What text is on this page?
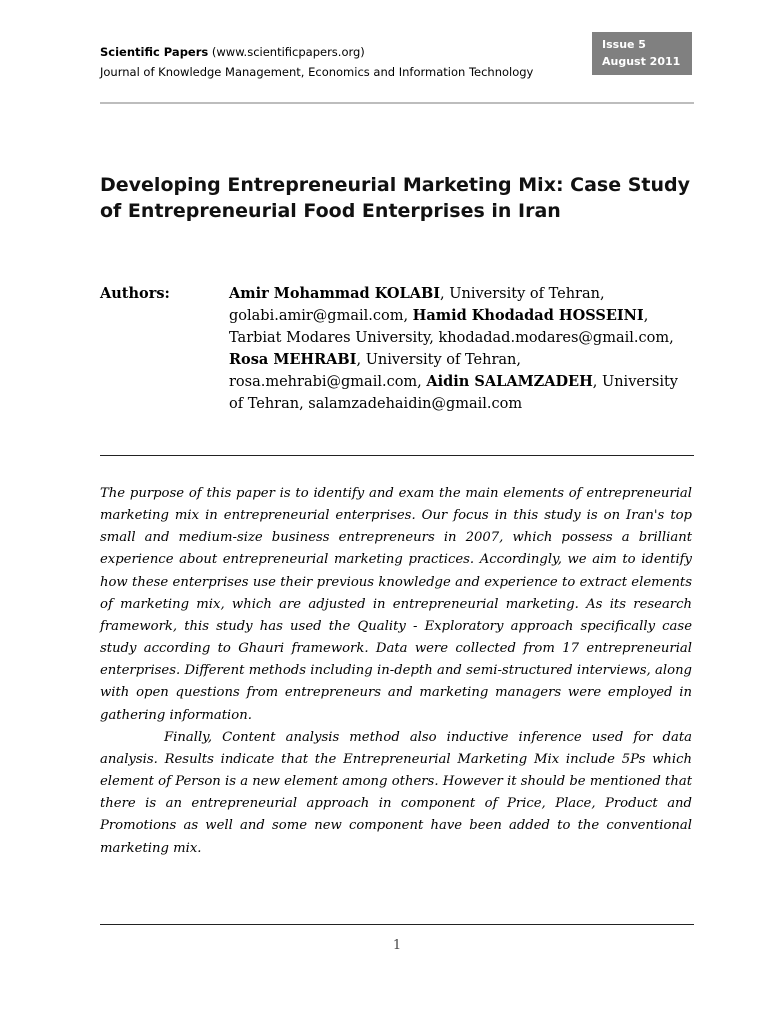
Scientific Papers (www.scientificpapers.org)
Journal of Knowledge Management, Economics and Information Technology
Issue 5
August 2011
Developing Entrepreneurial Marketing Mix: Case Study of Entrepreneurial Food Enterprises in Iran
Authors:	Amir Mohammad KOLABI, University of Tehran, golabi.amir@gmail.com, Hamid Khodadad HOSSEINI, Tarbiat Modares University, khodadad.modares@gmail.com, Rosa MEHRABI, University of Tehran, rosa.mehrabi@gmail.com, Aidin SALAMZADEH, University of Tehran, salamzadehaidin@gmail.com

The purpose of this paper is to identify and exam the main elements of entrepreneurial marketing mix in entrepreneurial enterprises. Our focus in this study is on Iran's top small and medium-size business entrepreneurs in 2007, which possess a brilliant experience about entrepreneurial marketing practices. Accordingly, we aim to identify how these enterprises use their previous knowledge and experience to extract elements of marketing mix, which are adjusted in entrepreneurial marketing. As its research framework, this study has used the Quality - Exploratory approach specifically case study according to Ghauri framework. Data were collected from 17 entrepreneurial enterprises. Different methods including in-depth and semi-structured interviews, along with open questions from entrepreneurs and marketing managers were employed in gathering information.

Finally, Content analysis method also inductive inference used for data analysis. Results indicate that the Entrepreneurial Marketing Mix include 5Ps which element of Person is a new element among others. However it should be mentioned that there is an entrepreneurial approach in component of Price, Place, Product and Promotions as well and some new component have been added to the conventional marketing mix.

1
